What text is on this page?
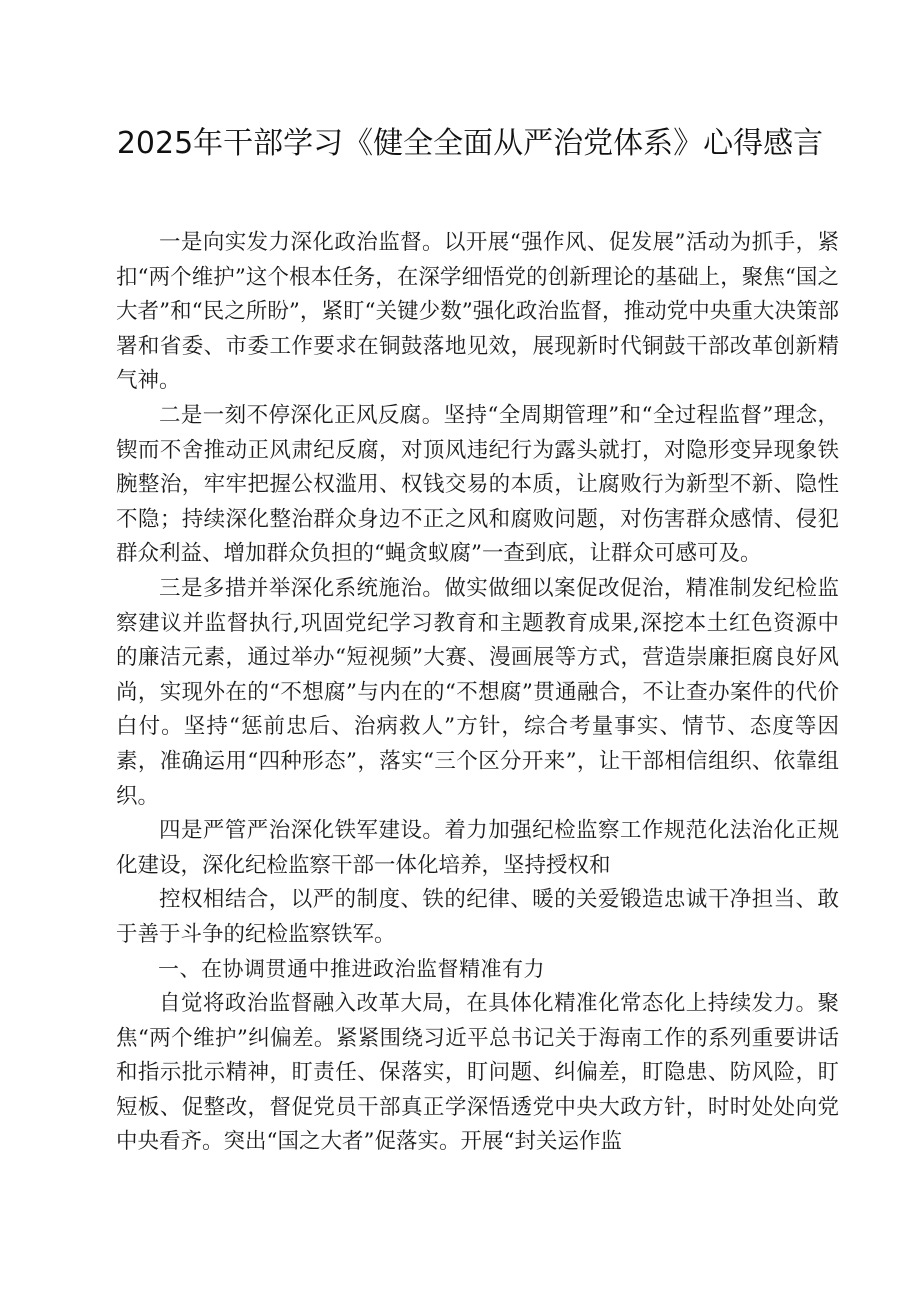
2025年干部学习《健全全面从严治党体系》心得感言

一是向实发力深化政治监督。以开展“强作风、促发展”活动为抓手，紧扣“两个维护”这个根本任务，在深学细悟党的创新理论的基础上，聚焦“国之大者”和“民之所盼”，紧盯“关键少数”强化政治监督，推动党中央重大决策部署和省委、市委工作要求在铜鼓落地见效，展现新时代铜鼓干部改革创新精气神。

二是一刻不停深化正风反腐。坚持“全周期管理”和“全过程监督”理念，锲而不舍推动正风肃纪反腐，对顶风违纪行为露头就打，对隐形变异现象铁腕整治，牢牢把握公权滥用、权钱交易的本质，让腐败行为新型不新、隐性不隐；持续深化整治群众身边不正之风和腐败问题，对伤害群众感情、侵犯群众利益、增加群众负担的“蝇贪蚁腐”一查到底，让群众可感可及。

三是多措并举深化系统施治。做实做细以案促改促治，精准制发纪检监察建议并监督执行,巩固党纪学习教育和主题教育成果,深挖本土红色资源中的廉洁元素，通过举办“短视频”大赛、漫画展等方式，营造崇廉拒腐良好风尚，实现外在的“不想腐”与内在的“不想腐”贯通融合，不让查办案件的代价白付。坚持“惩前忠后、治病救人”方针，综合考量事实、情节、态度等因素，准确运用“四种形态”，落实“三个区分开来”，让干部相信组织、依靠组织。

四是严管严治深化铁军建设。着力加强纪检监察工作规范化法治化正规化建设，深化纪检监察干部一体化培养，坚持授权和

控权相结合，以严的制度、铁的纪律、暖的关爱锻造忠诚干净担当、敢于善于斗争的纪检监察铁军。

一、在协调贯通中推进政治监督精准有力

自觉将政治监督融入改革大局，在具体化精准化常态化上持续发力。聚焦“两个维护”纠偏差。紧紧围绕习近平总书记关于海南工作的系列重要讲话和指示批示精神，盯责任、保落实，盯问题、纠偏差，盯隐患、防风险，盯短板、促整改，督促党员干部真正学深悟透党中央大政方针，时时处处向党中央看齐。突出“国之大者”促落实。开展“封关运作监
